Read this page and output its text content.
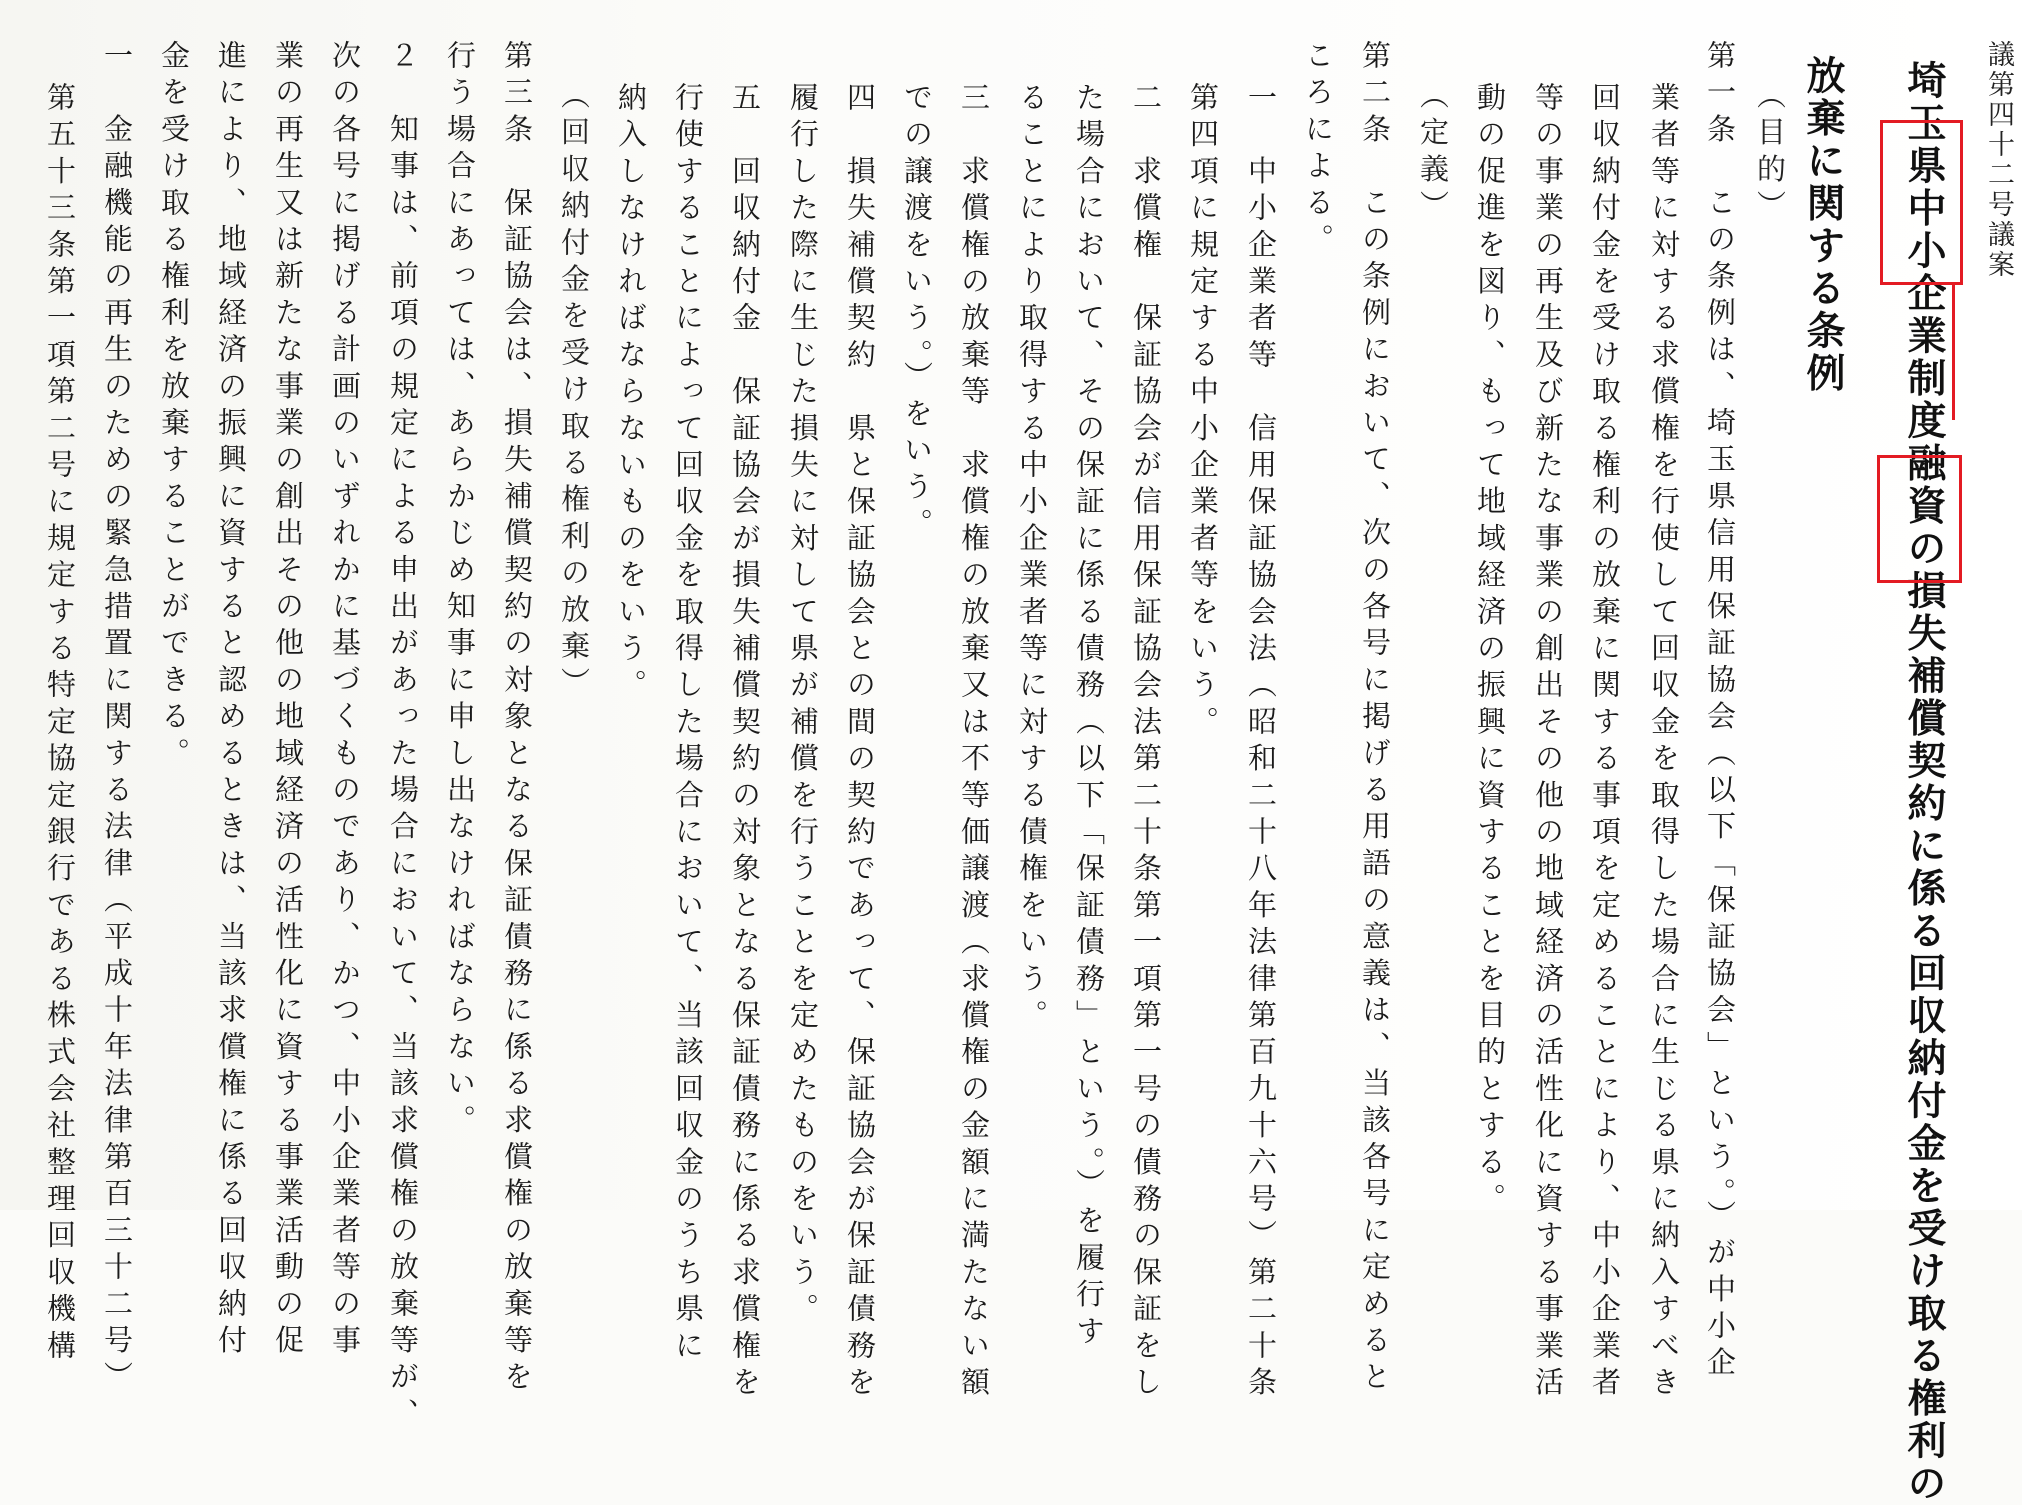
議第四十二号議案
埼玉県中小企業制度融資の損失補償契約に係る回収納付金を受け取る権利の
放棄に関する条例
（目的）
第一条　この条例は、埼玉県信用保証協会（以下「保証協会」という。）が中小企
業者等に対する求償権を行使して回収金を取得した場合に生じる県に納入すべき
回収納付金を受け取る権利の放棄に関する事項を定めることにより、中小企業者
等の事業の再生及び新たな事業の創出その他の地域経済の活性化に資する事業活
動の促進を図り、もって地域経済の振興に資することを目的とする。
（定義）
第二条　この条例において、次の各号に掲げる用語の意義は、当該各号に定めると
ころによる。
一　中小企業者等　信用保証協会法（昭和二十八年法律第百九十六号）第二十条
第四項に規定する中小企業者等をいう。
二　求償権　保証協会が信用保証協会法第二十条第一項第一号の債務の保証をし
た場合において、その保証に係る債務（以下「保証債務」という。）を履行す
ることにより取得する中小企業者等に対する債権をいう。
三　求償権の放棄等　求償権の放棄又は不等価譲渡（求償権の金額に満たない額
での譲渡をいう。）をいう。
四　損失補償契約　県と保証協会との間の契約であって、保証協会が保証債務を
履行した際に生じた損失に対して県が補償を行うことを定めたものをいう。
五　回収納付金　保証協会が損失補償契約の対象となる保証債務に係る求償権を
行使することによって回収金を取得した場合において、当該回収金のうち県に
納入しなければならないものをいう。
（回収納付金を受け取る権利の放棄）
第三条　保証協会は、損失補償契約の対象となる保証債務に係る求償権の放棄等を
行う場合にあっては、あらかじめ知事に申し出なければならない。
２　知事は、前項の規定による申出があった場合において、当該求償権の放棄等が、
次の各号に掲げる計画のいずれかに基づくものであり、かつ、中小企業者等の事
業の再生又は新たな事業の創出その他の地域経済の活性化に資する事業活動の促
進により、地域経済の振興に資すると認めるときは、当該求償権に係る回収納付
金を受け取る権利を放棄することができる。
一　金融機能の再生のための緊急措置に関する法律（平成十年法律第百三十二号）
第五十三条第一項第二号に規定する特定協定銀行である株式会社整理回収機構
